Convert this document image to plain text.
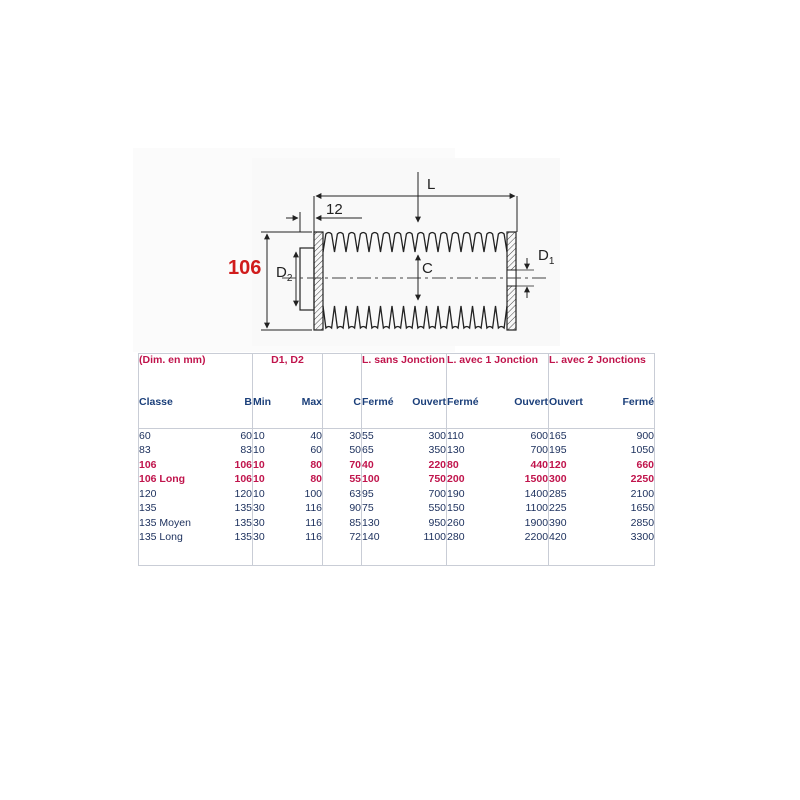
106
L
12
C
$D_2$
$D_1$
(Dim. en mm)		D1, D2			L. sans Jonction		L. avec 1 Jonction		L. avec 2 Jonctions	
Classe	B	Min	Max	C	Fermé	Ouvert	Fermé	Ouvert	Ouvert	Fermé

60	60	10	40	30	55	300	110	600	165	900
83	83	10	60	50	65	350	130	700	195	1050
106	106	10	80	70	40	220	80	440	120	660
106 Long	106	10	80	55	100	750	200	1500	300	2250
120	120	10	100	63	95	700	190	1400	285	2100
135	135	30	116	90	75	550	150	1100	225	1650
135 Moyen	135	30	116	85	130	950	260	1900	390	2850
135 Long	135	30	116	72	140	1100	280	2200	420	3300
